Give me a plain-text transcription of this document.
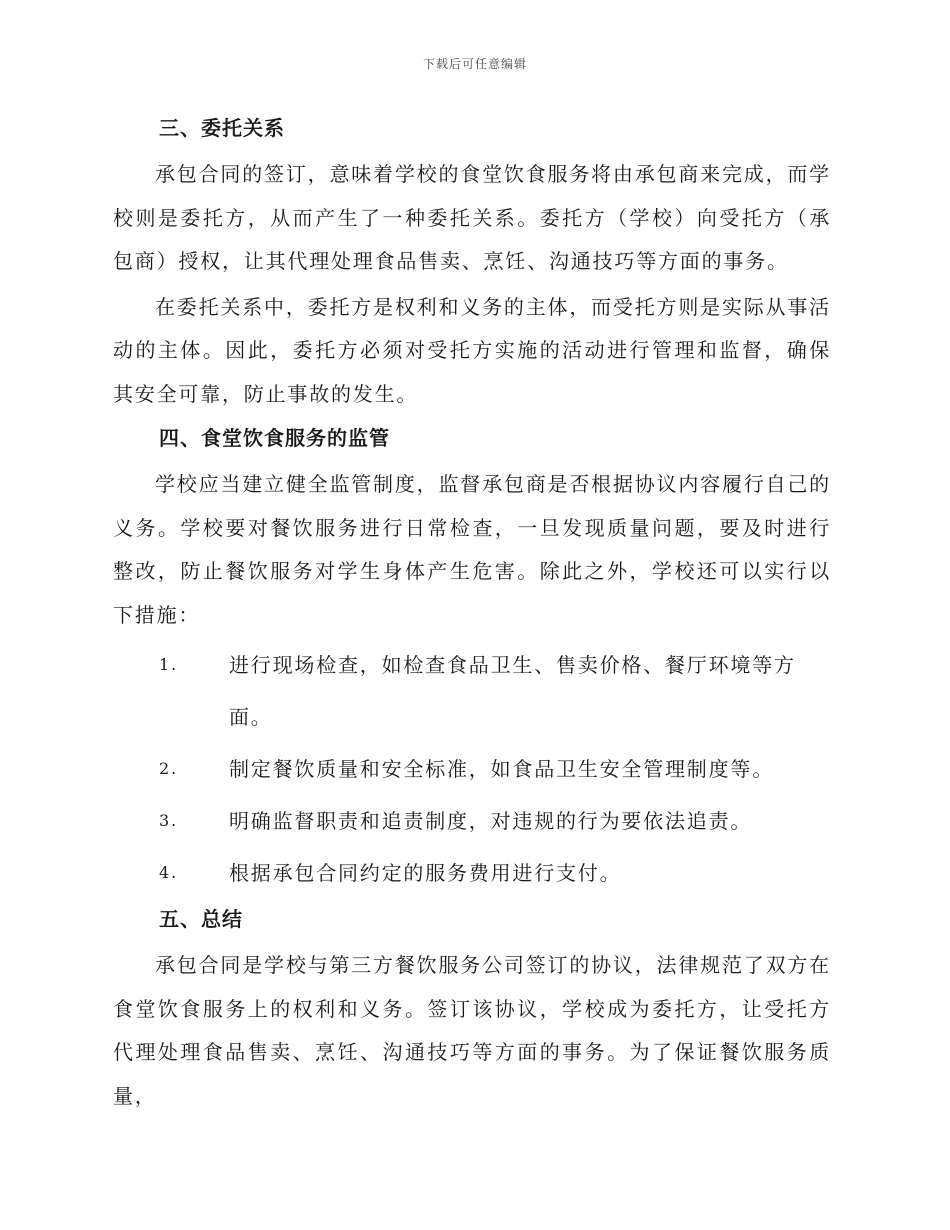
下载后可任意编辑
三、委托关系

承包合同的签订，意味着学校的食堂饮食服务将由承包商来完成，而学校则是委托方，从而产生了一种委托关系。委托方（学校）向受托方（承包商）授权，让其代理处理食品售卖、烹饪、沟通技巧等方面的事务。

在委托关系中，委托方是权利和义务的主体，而受托方则是实际从事活动的主体。因此，委托方必须对受托方实施的活动进行管理和监督，确保其安全可靠，防止事故的发生。

四、食堂饮食服务的监管

学校应当建立健全监管制度，监督承包商是否根据协议内容履行自己的义务。学校要对餐饮服务进行日常检查，一旦发现质量问题，要及时进行整改，防止餐饮服务对学生身体产生危害。除此之外，学校还可以实行以下措施：

1.	进行现场检查，如检查食品卫生、售卖价格、餐厅环境等方面。
2.	制定餐饮质量和安全标准，如食品卫生安全管理制度等。
3.	明确监督职责和追责制度，对违规的行为要依法追责。
4.	根据承包合同约定的服务费用进行支付。
五、总结

承包合同是学校与第三方餐饮服务公司签订的协议，法律规范了双方在食堂饮食服务上的权利和义务。签订该协议，学校成为委托方，让受托方代理处理食品售卖、烹饪、沟通技巧等方面的事务。为了保证餐饮服务质量，
